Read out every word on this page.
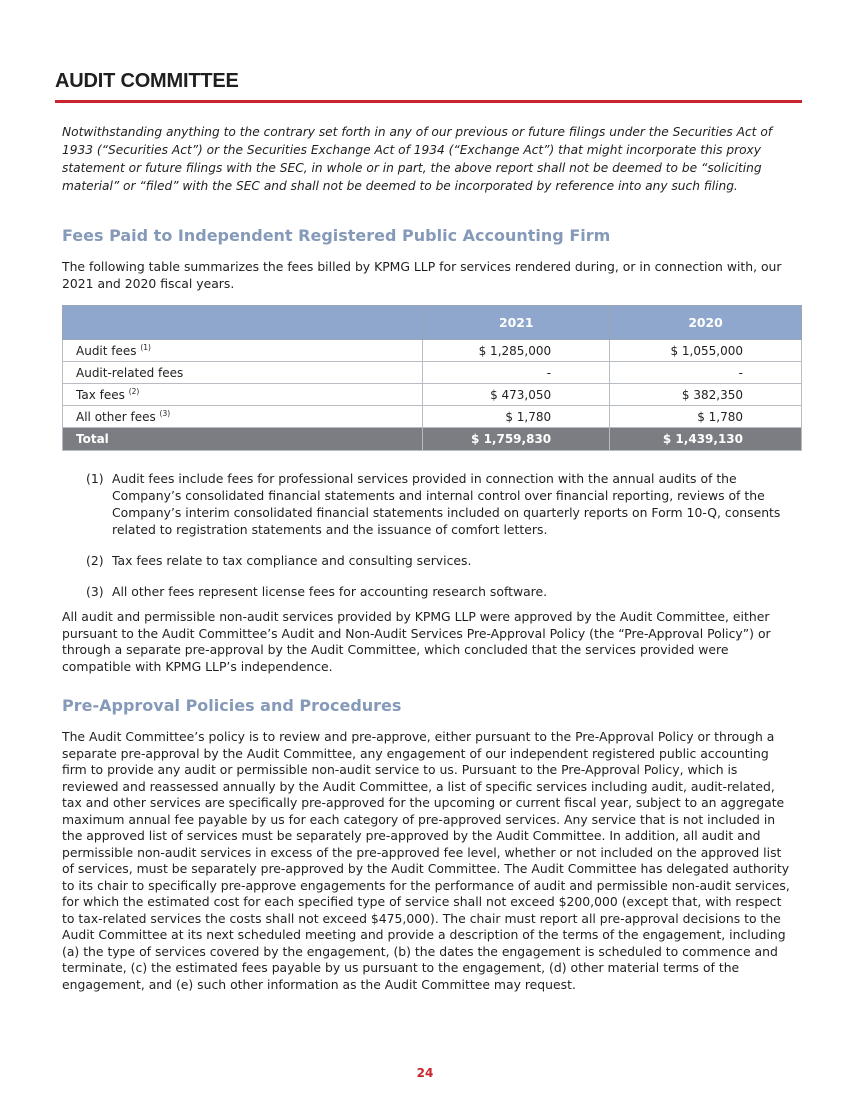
AUDIT COMMITTEE

Notwithstanding anything to the contrary set forth in any of our previous or future filings under the Securities Act of 1933 (“Securities Act”) or the Securities Exchange Act of 1934 (“Exchange Act”) that might incorporate this proxy statement or future filings with the SEC, in whole or in part, the above report shall not be deemed to be “soliciting material” or “filed” with the SEC and shall not be deemed to be incorporated by reference into any such filing.

Fees Paid to Independent Registered Public Accounting Firm

The following table summarizes the fees billed by KPMG LLP for services rendered during, or in connection with, our 2021 and 2020 fiscal years.

	2021	2020
Audit fees $^{(1)}$	$ 1,285,000	$ 1,055,000
Audit-related fees	-	-
Tax fees $^{(2)}$	$ 473,050	$ 382,350
All other fees $^{(3)}$	$ 1,780	$ 1,780
Total	$ 1,759,830	$ 1,439,130
(1) Audit fees include fees for professional services provided in connection with the annual audits of the Company’s consolidated financial statements and internal control over financial reporting, reviews of the Company’s interim consolidated financial statements included on quarterly reports on Form 10-Q, consents related to registration statements and the issuance of comfort letters.
(2) Tax fees relate to tax compliance and consulting services.
(3) All other fees represent license fees for accounting research software.

All audit and permissible non-audit services provided by KPMG LLP were approved by the Audit Committee, either pursuant to the Audit Committee’s Audit and Non-Audit Services Pre-Approval Policy (the “Pre-Approval Policy”) or through a separate pre-approval by the Audit Committee, which concluded that the services provided were compatible with KPMG LLP’s independence.

Pre-Approval Policies and Procedures

The Audit Committee’s policy is to review and pre-approve, either pursuant to the Pre-Approval Policy or through a separate pre-approval by the Audit Committee, any engagement of our independent registered public accounting firm to provide any audit or permissible non-audit service to us. Pursuant to the Pre-Approval Policy, which is reviewed and reassessed annually by the Audit Committee, a list of specific services including audit, audit-related, tax and other services are specifically pre-approved for the upcoming or current fiscal year, subject to an aggregate maximum annual fee payable by us for each category of pre-approved services. Any service that is not included in the approved list of services must be separately pre-approved by the Audit Committee. In addition, all audit and permissible non-audit services in excess of the pre-approved fee level, whether or not included on the approved list of services, must be separately pre-approved by the Audit Committee. The Audit Committee has delegated authority to its chair to specifically pre-approve engagements for the performance of audit and permissible non-audit services, for which the estimated cost for each specified type of service shall not exceed $200,000 (except that, with respect to tax-related services the costs shall not exceed $475,000). The chair must report all pre-approval decisions to the Audit Committee at its next scheduled meeting and provide a description of the terms of the engagement, including (a) the type of services covered by the engagement, (b) the dates the engagement is scheduled to commence and terminate, (c) the estimated fees payable by us pursuant to the engagement, (d) other material terms of the engagement, and (e) such other information as the Audit Committee may request.

24
